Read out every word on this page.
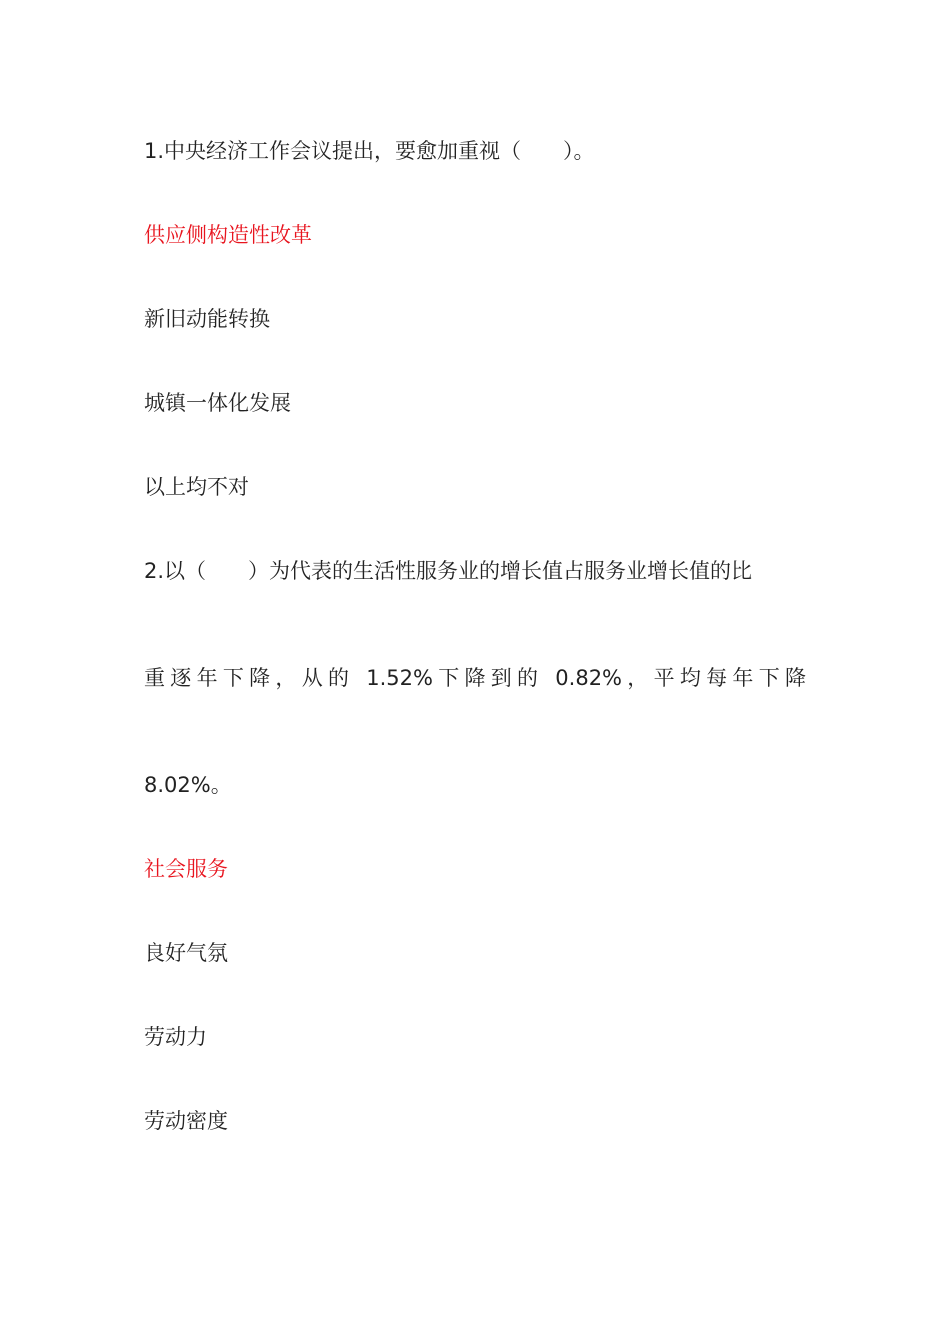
1.中央经济工作会议提出，要愈加重视（　　）。
供应侧构造性改革
新旧动能转换
城镇一体化发展
以上均不对
2.以（　　）为代表的生活性服务业的增长值占服务业增长值的比
重逐年下降，从的 1.52%下降到的 0.82%，平均每年下降
8.02%。
社会服务
良好气氛
劳动力
劳动密度
